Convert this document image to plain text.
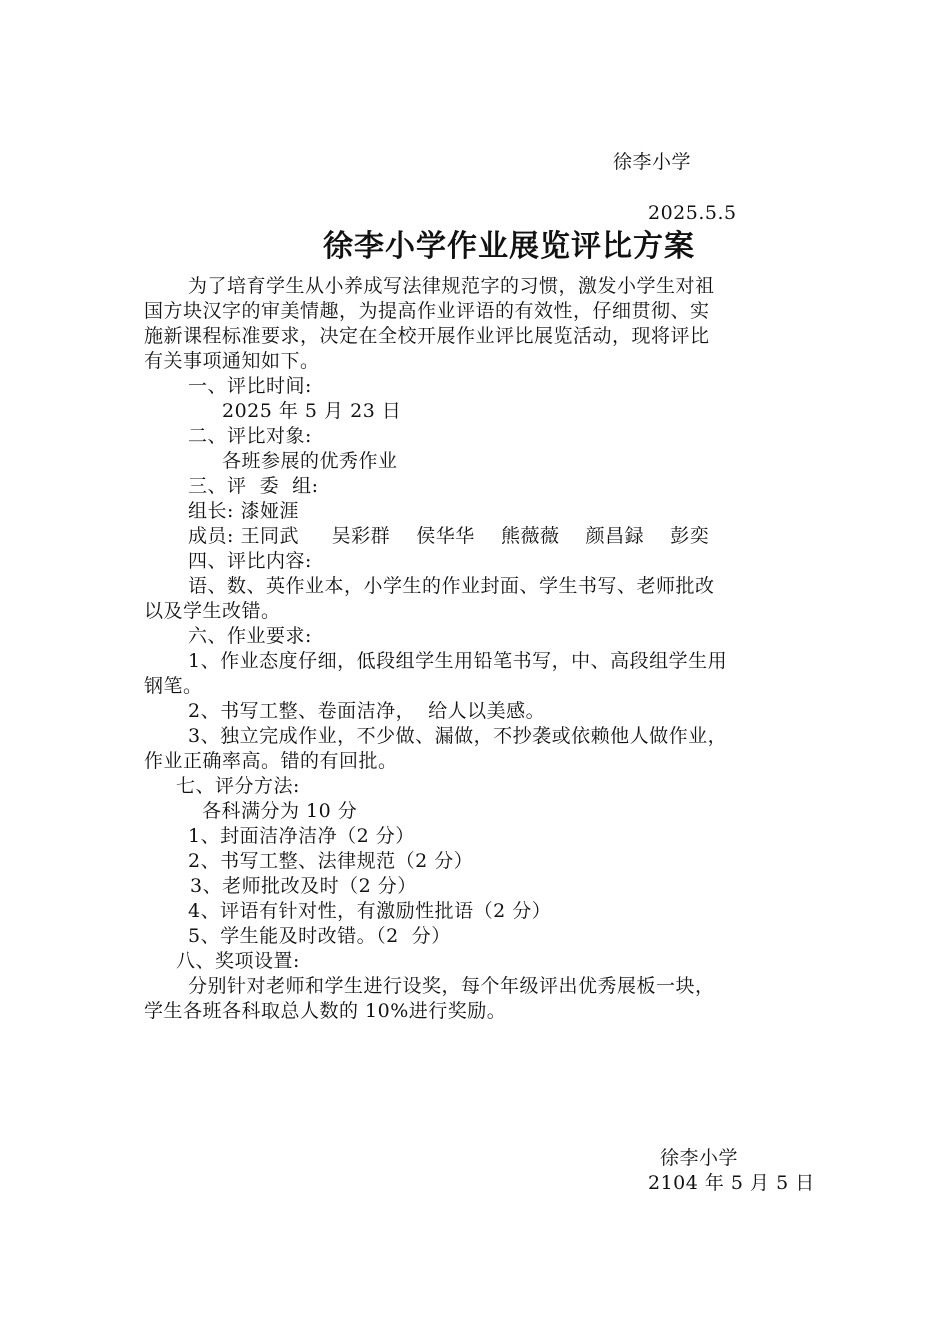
徐李小学
2025.5.5
徐李小学作业展览评比方案
为了培育学生从小养成写法律规范字的习惯，激发小学生对祖
国方块汉字的审美情趣，为提高作业评语的有效性，仔细贯彻、实
施新课程标准要求，决定在全校开展作业评比展览活动，现将评比
有关事项通知如下。
一、评比时间:
2025 年 5 月 23 日
二、评比对象:
各班参展的优秀作业
三、评  委  组:
组长: 漆娅涯
成员: 王同武     吴彩群    侯华华    熊薇薇    颜昌録    彭奕
四、评比内容:
语、数、英作业本，小学生的作业封面、学生书写、老师批改
以及学生改错。
六、作业要求:
1、作业态度仔细，低段组学生用铅笔书写，中、高段组学生用
钢笔。
2、书写工整、卷面洁净，  给人以美感。
3、独立完成作业，不少做、漏做，不抄袭或依赖他人做作业，
作业正确率高。错的有回批。
七、评分方法:
各科满分为 10 分
1、封面洁净洁净（2 分）
2、书写工整、法律规范（2 分）
3、老师批改及时（2 分）
4、评语有针对性，有激励性批语（2 分）
5、学生能及时改错。（2  分）
八、奖项设置:
分别针对老师和学生进行设奖，每个年级评出优秀展板一块，
学生各班各科取总人数的 10%进行奖励。
徐李小学
2104 年 5 月 5 日
